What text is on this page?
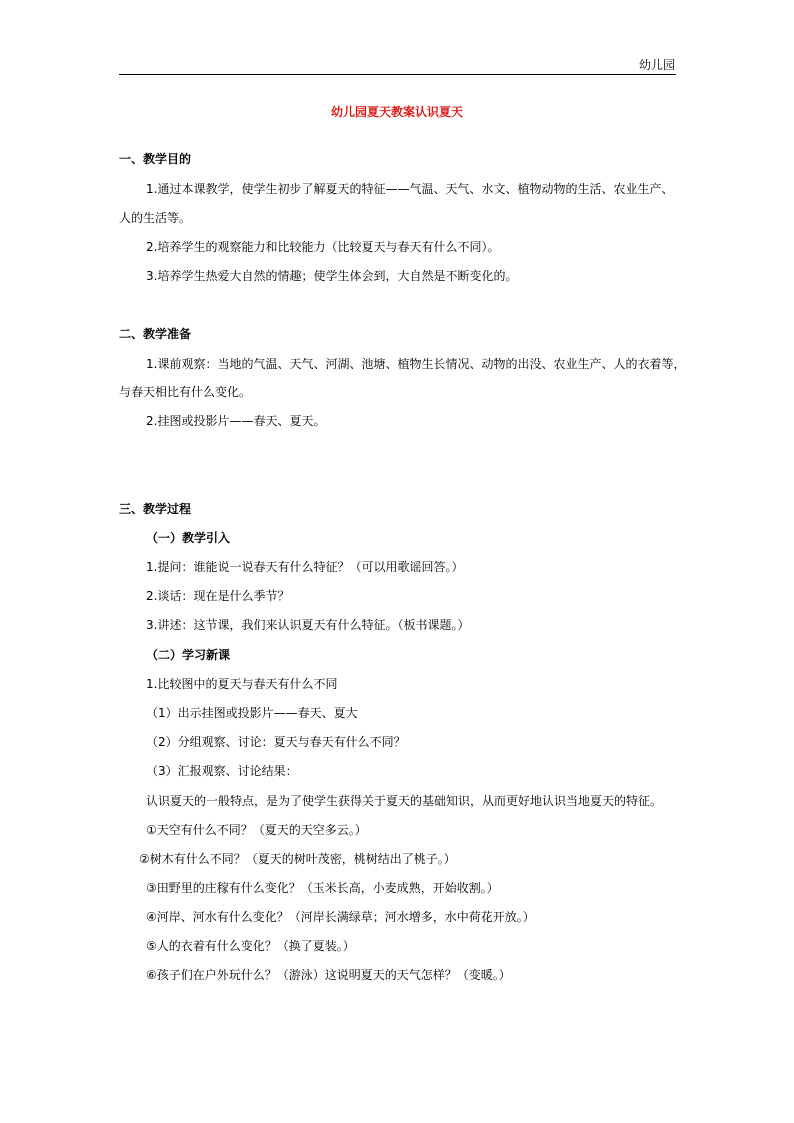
幼儿园
幼儿园夏天教案认识夏天
一、教学目的
1.通过本课教学，使学生初步了解夏天的特征——气温、天气、水文、植物动物的生活、农业生产、
人的生活等。
2.培养学生的观察能力和比较能力（比较夏天与春天有什么不同）。
3.培养学生热爱大自然的情趣；使学生体会到，大自然是不断变化的。
二、教学准备
1.课前观察：当地的气温、天气、河湖、池塘、植物生长情况、动物的出没、农业生产、人的衣着等，
与春天相比有什么变化。
2.挂图或投影片——春天、夏天。
三、教学过程
（一）教学引入
1.提问：谁能说一说春天有什么特征？（可以用歌谣回答。）
2.谈话：现在是什么季节？
3.讲述：这节课，我们来认识夏天有什么特征。（板书课题。）
（二）学习新课
1.比较图中的夏天与春天有什么不同
（1）出示挂图或投影片——春天、夏大
（2）分组观察、讨论：夏天与春天有什么不同？
（3）汇报观察、讨论结果：
认识夏天的一般特点，是为了使学生获得关于夏天的基础知识，从而更好地认识当地夏天的特征。
①天空有什么不同？（夏天的天空多云。）
②树木有什么不同？（夏天的树叶茂密，桃树结出了桃子。）
③田野里的庄稼有什么变化？（玉米长高，小麦成熟，开始收割。）
④河岸、河水有什么变化？（河岸长满绿草；河水增多，水中荷花开放。）
⑤人的衣着有什么变化？（换了夏装。）
⑥孩子们在户外玩什么？（游泳）这说明夏天的天气怎样？（变暖。）
